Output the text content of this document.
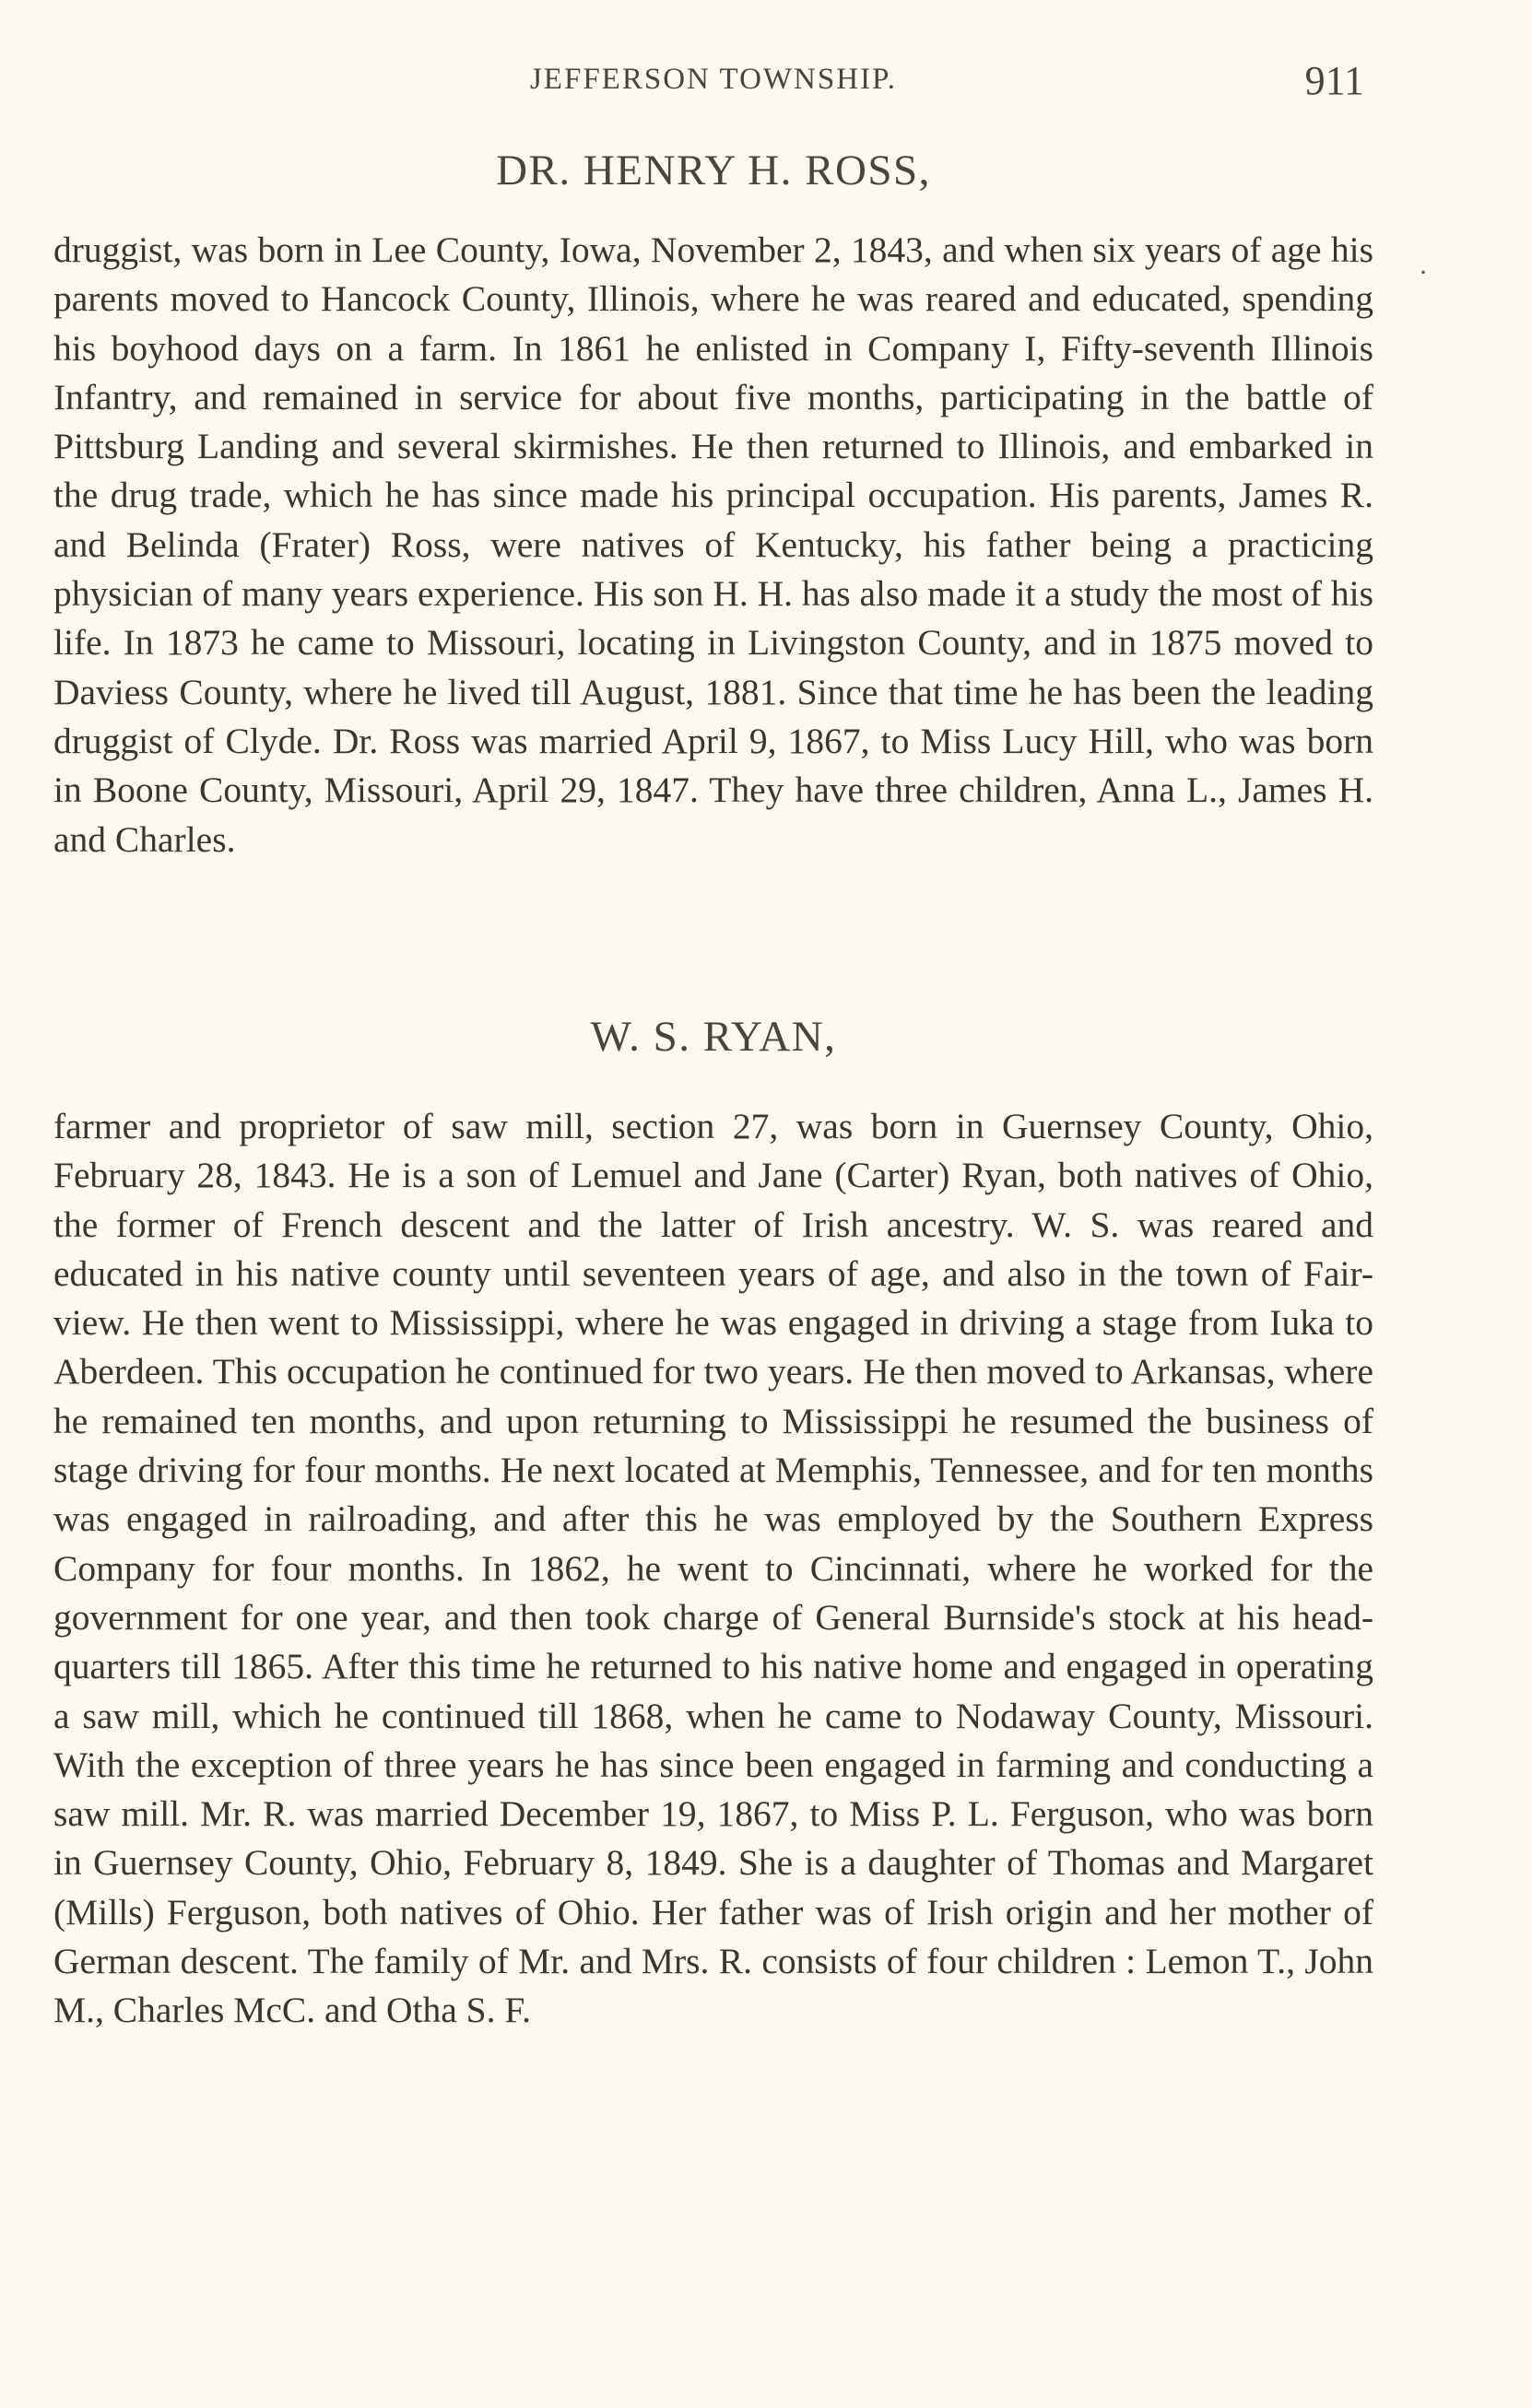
JEFFERSON TOWNSHIP.	911
DR. HENRY H. ROSS,

druggist, was born in Lee County, Iowa, November 2, 1843, and when six years of age his parents moved to Hancock County, Illinois, where he was reared and educated, spending his boyhood days on a farm. In 1861 he enlisted in Company I, Fifty-seventh Illinois Infantry, and remained in service for about five months, participating in the battle of Pittsburg Landing and several skirmishes. He then returned to Illinois, and embarked in the drug trade, which he has since made his principal occupation. His parents, James R. and Belinda (Frater) Ross, were natives of Kentucky, his father being a practicing physician of many years experience. His son H. H. has also made it a study the most of his life. In 1873 he came to Missouri, locating in Livingston County, and in 1875 moved to Daviess County, where he lived till August, 1881. Since that time he has been the leading druggist of Clyde. Dr. Ross was married April 9, 1867, to Miss Lucy Hill, who was born in Boone County, Missouri, April 29, 1847. They have three children, Anna L., James H. and Charles.

.
W. S. RYAN,

farmer and proprietor of saw mill, section 27, was born in Guernsey County, Ohio, February 28, 1843. He is a son of Lemuel and Jane (Carter) Ryan, both natives of Ohio, the former of French descent and the latter of Irish ancestry. W. S. was reared and educated in his native county until seventeen years of age, and also in the town of Fair-view. He then went to Mississippi, where he was engaged in driving a stage from Iuka to Aberdeen. This occupation he continued for two years. He then moved to Arkansas, where he remained ten months, and upon returning to Mississippi he resumed the business of stage driving for four months. He next located at Memphis, Tennessee, and for ten months was engaged in railroading, and after this he was employed by the Southern Express Company for four months. In 1862, he went to Cincinnati, where he worked for the government for one year, and then took charge of General Burnside's stock at his head-quarters till 1865. After this time he returned to his native home and engaged in operating a saw mill, which he continued till 1868, when he came to Nodaway County, Missouri. With the exception of three years he has since been engaged in farming and conducting a saw mill. Mr. R. was married December 19, 1867, to Miss P. L. Ferguson, who was born in Guernsey County, Ohio, February 8, 1849. She is a daughter of Thomas and Margaret (Mills) Ferguson, both natives of Ohio. Her father was of Irish origin and her mother of German descent. The family of Mr. and Mrs. R. consists of four children : Lemon T., John M., Charles McC. and Otha S. F.
